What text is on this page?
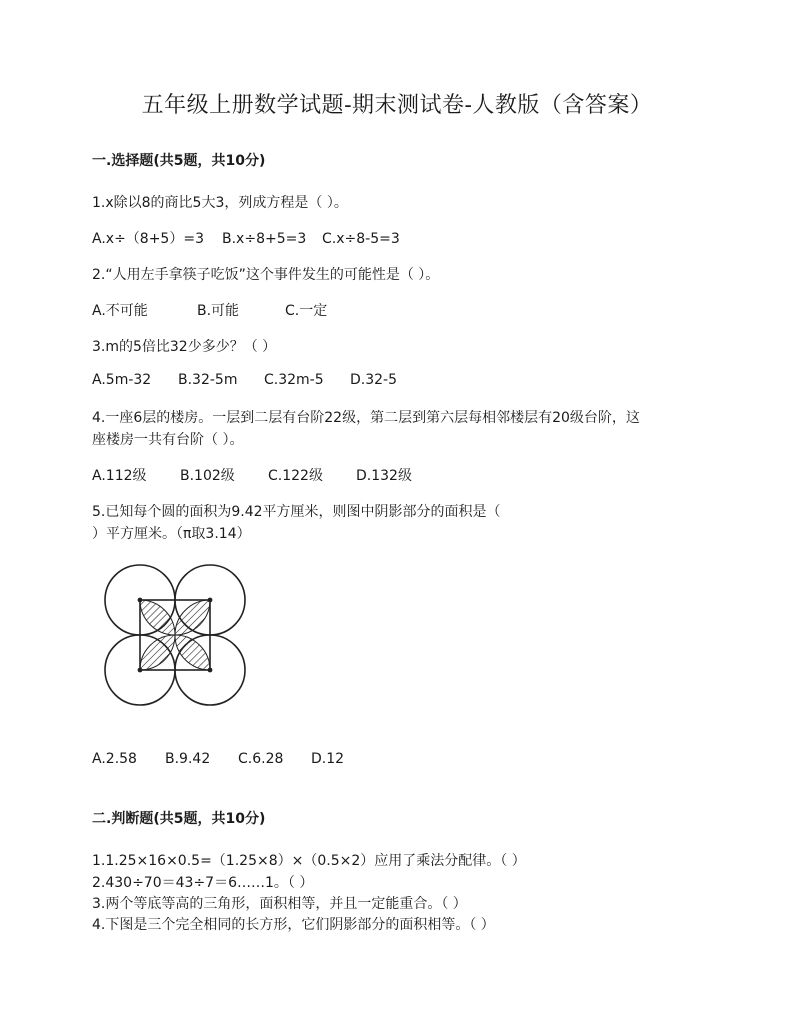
五年级上册数学试题-期末测试卷-人教版（含答案）
一.选择题(共5题，共10分)
1.x除以8的商比5大3，列成方程是（ ）。
A.x÷（8+5）=3 B.x÷8+5=3 C.x÷8-5=3
2.“人用左手拿筷子吃饭”这个事件发生的可能性是（ ）。
A.不可能	B.可能	C.一定
3.m的5倍比32少多少？（ ）
A.5m-32 B.32-5m C.32m-5 D.32-5
4.一座6层的楼房。一层到二层有台阶22级，第二层到第六层每相邻楼层有20级台阶，这
座楼房一共有台阶（ ）。
A.112级 B.102级 C.122级 D.132级
5.已知每个圆的面积为9.42平方厘米，则图中阴影部分的面积是（
）平方厘米。（π取3.14）
A.2.58 B.9.42 C.6.28 D.12
二.判断题(共5题，共10分)
1.1.25×16×0.5=（1.25×8）×（0.5×2）应用了乘法分配律。（ ）
2.430÷70＝43÷7＝6……1。（ ）
3.两个等底等高的三角形，面积相等，并且一定能重合。（ ）
4.下图是三个完全相同的长方形，它们阴影部分的面积相等。（ ）
